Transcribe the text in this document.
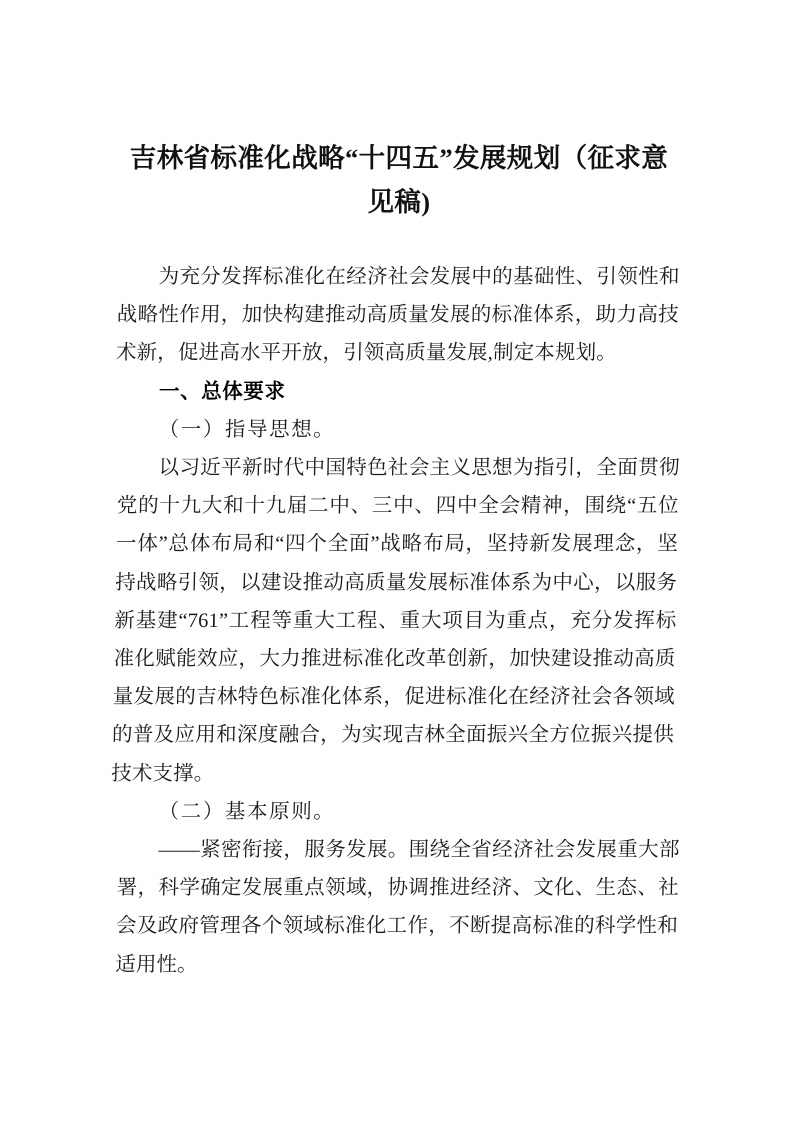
吉林省标准化战略“十四五”发展规划（征求意见稿)

为充分发挥标准化在经济社会发展中的基础性、引领性和战略性作用，加快构建推动高质量发展的标准体系，助力高技术新，促进高水平开放，引领高质量发展,制定本规划。

一、总体要求

（一）指导思想。

以习近平新时代中国特色社会主义思想为指引，全面贯彻党的十九大和十九届二中、三中、四中全会精神，围绕“五位一体”总体布局和“四个全面”战略布局，坚持新发展理念，坚持战略引领，以建设推动高质量发展标准体系为中心，以服务新基建“761”工程等重大工程、重大项目为重点，充分发挥标准化赋能效应，大力推进标准化改革创新，加快建设推动高质量发展的吉林特色标准化体系，促进标准化在经济社会各领域的普及应用和深度融合，为实现吉林全面振兴全方位振兴提供技术支撑。

（二）基本原则。

——紧密衔接，服务发展。围绕全省经济社会发展重大部署，科学确定发展重点领域，协调推进经济、文化、生态、社会及政府管理各个领域标准化工作，不断提高标准的科学性和适用性。
